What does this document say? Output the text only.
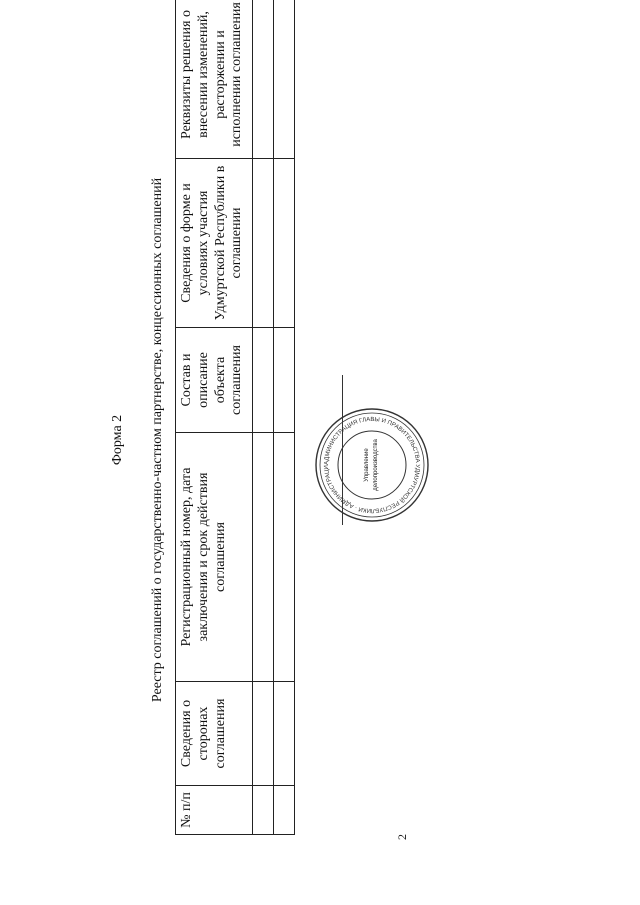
2
Форма 2 Реестр соглашений о государственно-частном партнерстве, концессионных соглашений
№ п/п	Сведения о сторонах соглашения	Регистрационный номер, дата заключения и срок действия соглашения	Состав и описание объекта соглашения	Сведения о форме и условиях участия Удмуртской Республики в соглашении	Реквизиты решения о внесении изменений, расторжении и исполнении соглашения

АДМИНИСТРАЦИЯ ГЛАВЫ И ПРАВИТЕЛЬСТВА УДМУРТСКОЙ РЕСПУБЛИКИ · АДМИНИСТРАЦИ	Управление делопроизводства
